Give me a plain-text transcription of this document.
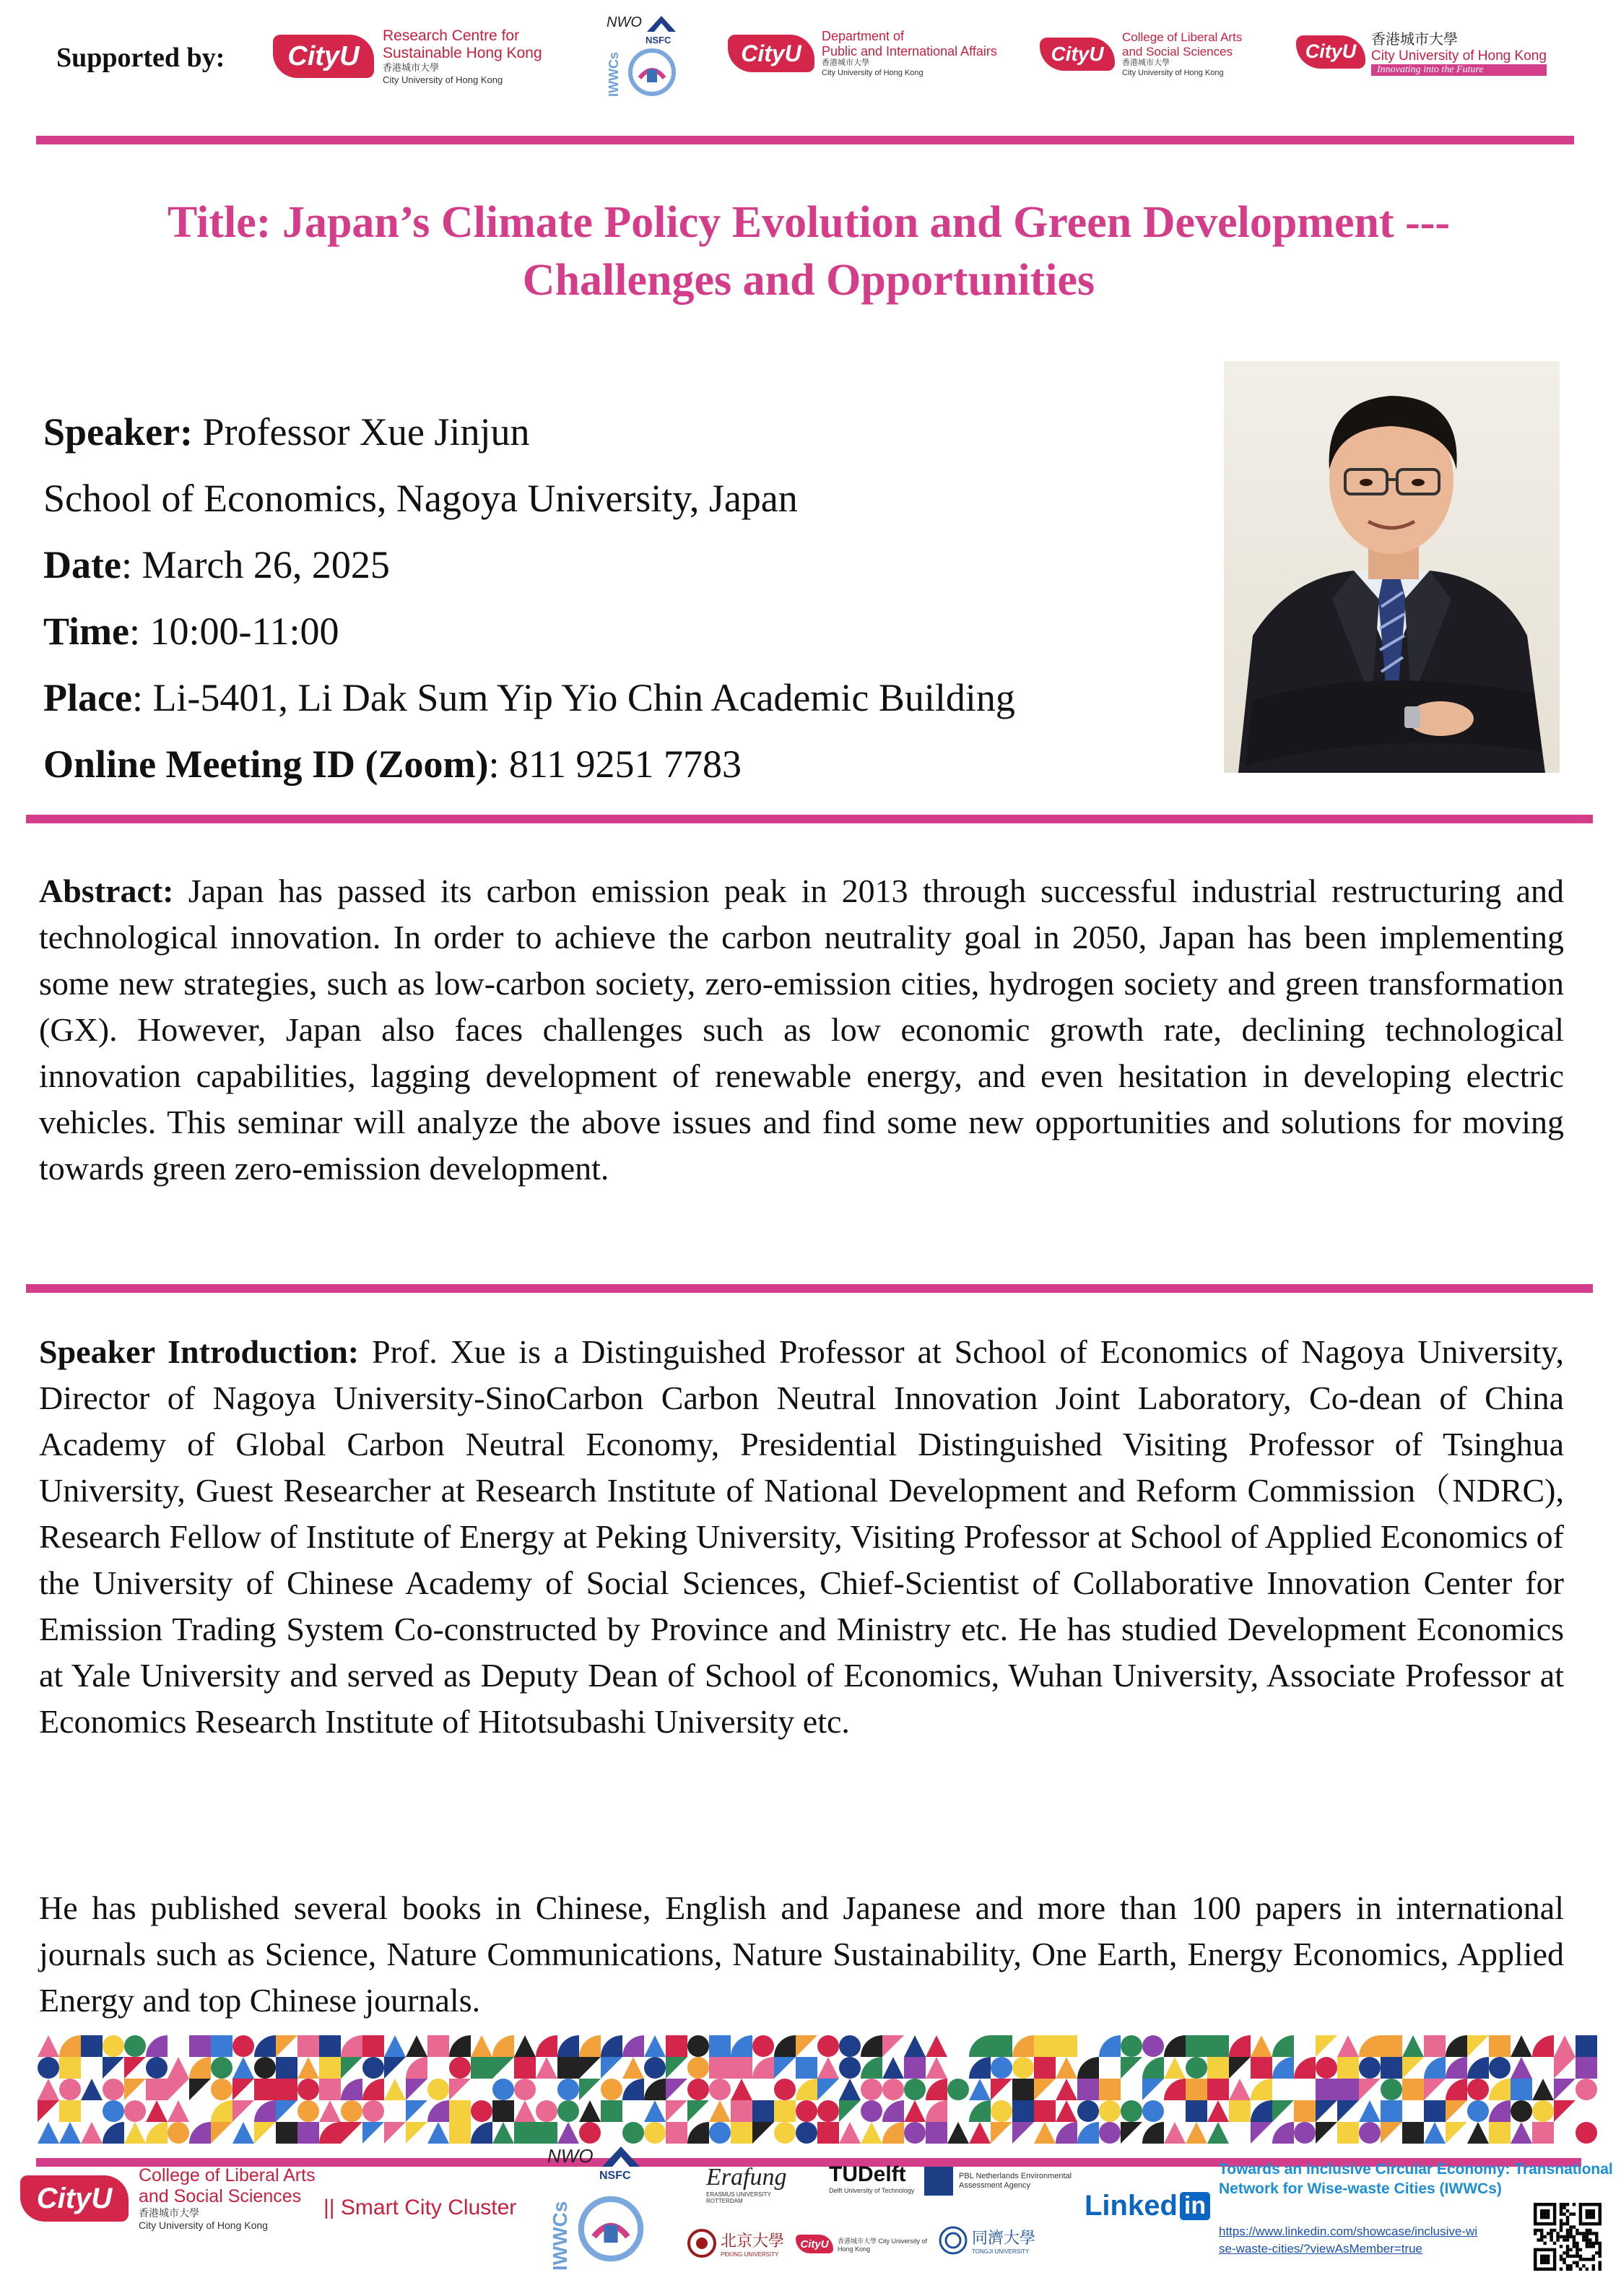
Supported by:	CityU
Research Centre for
Sustainable Hong Kong
香港城市大學
City University of Hong Kong
NWO
NSFC
IWWCs	CityU
Department of
Public and International Affairs
香港城市大學
City University of Hong Kong
CityU
College of Liberal Arts
and Social Sciences
香港城市大學
City University of Hong Kong
CityU
香港城市大學
City University of Hong Kong
Innovating into the Future
Title: Japan’s Climate Policy Evolution and Green Development ---
Challenges and Opportunities
Speaker: Professor Xue Jinjun
School of Economics, Nagoya University, Japan
Date: March 26, 2025
Time: 10:00-11:00
Place: Li-5401, Li Dak Sum Yip Yio Chin Academic Building
Online Meeting ID (Zoom): 811 9251 7783
Abstract: Japan has passed its carbon emission peak in 2013 through successful industrial restructuring and technological innovation. In order to achieve the carbon neutrality goal in 2050, Japan has been implementing some new strategies, such as low-carbon society, zero-emission cities, hydrogen society and green transformation (GX). However, Japan also faces challenges such as low economic growth rate, declining technological innovation capabilities, lagging development of renewable energy, and even hesitation in developing electric vehicles. This seminar will analyze the above issues and find some new opportunities and solutions for moving towards green zero-emission development.
Speaker Introduction: Prof. Xue is a Distinguished Professor at School of Economics of Nagoya University, Director of Nagoya University-SinoCarbon Carbon Neutral Innovation Joint Laboratory, Co-dean of China Academy of Global Carbon Neutral Economy, Presidential Distinguished Visiting Professor of Tsinghua University, Guest Researcher at Research Institute of National Development and Reform Commission（NDRC), Research Fellow of Institute of Energy at Peking University, Visiting Professor at School of Applied Economics of the University of Chinese Academy of Social Sciences, Chief-Scientist of Collaborative Innovation Center for Emission Trading System Co-constructed by Province and Ministry etc. He has studied Development Economics at Yale University and served as Deputy Dean of School of Economics, Wuhan University, Associate Professor at Economics Research Institute of Hitotsubashi University etc.
He has published several books in Chinese, English and Japanese and more than 100 papers in international journals such as Science, Nature Communications, Nature Sustainability, One Earth, Energy Economics, Applied Energy and top Chinese journals.
CityU
College of Liberal Arts
and Social Sciences
香港城市大學
City University of Hong Kong
|| Smart City Cluster
NWO
NSFC
IWWCs
Erafung
ERASMUS UNIVERSITY ROTTERDAM
TUDelft
Delft University of Technology
PBL Netherlands Environmental Assessment Agency
北京大學
PEKING UNIVERSITY
CityU	香港城市大學 City University of Hong Kong
同濟大學
TONGJI UNIVERSITY
Linked in
Towards an Inclusive Circular Economy: Transnational
Network for Wise-waste Cities (IWWCs)
https://www.linkedin.com/showcase/inclusive-wi
se-waste-cities/?viewAsMember=true
